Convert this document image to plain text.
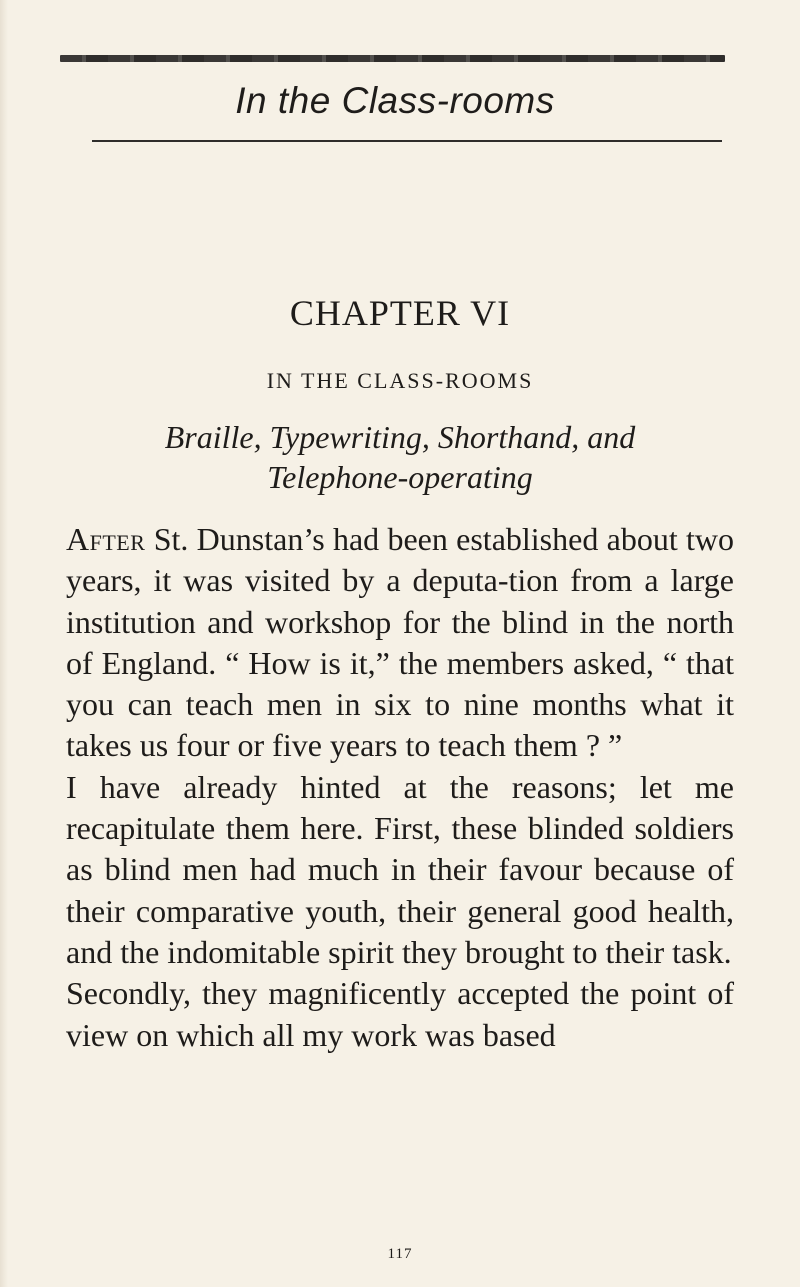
In the Class-rooms
CHAPTER VI
IN THE CLASS-ROOMS
Braille, Typewriting, Shorthand, and
Telephone-operating

After St. Dunstan’s had been established about two years, it was visited by a deputa-tion from a large institution and workshop for the blind in the north of England. “ How is it,” the members asked, “ that you can teach men in six to nine months what it takes us four or five years to teach them ? ”

I have already hinted at the reasons; let me recapitulate them here. First, these blinded soldiers as blind men had much in their favour because of their comparative youth, their general good health, and the indomitable spirit they brought to their task.

Secondly, they magnificently accepted the point of view on which all my work was based

117
